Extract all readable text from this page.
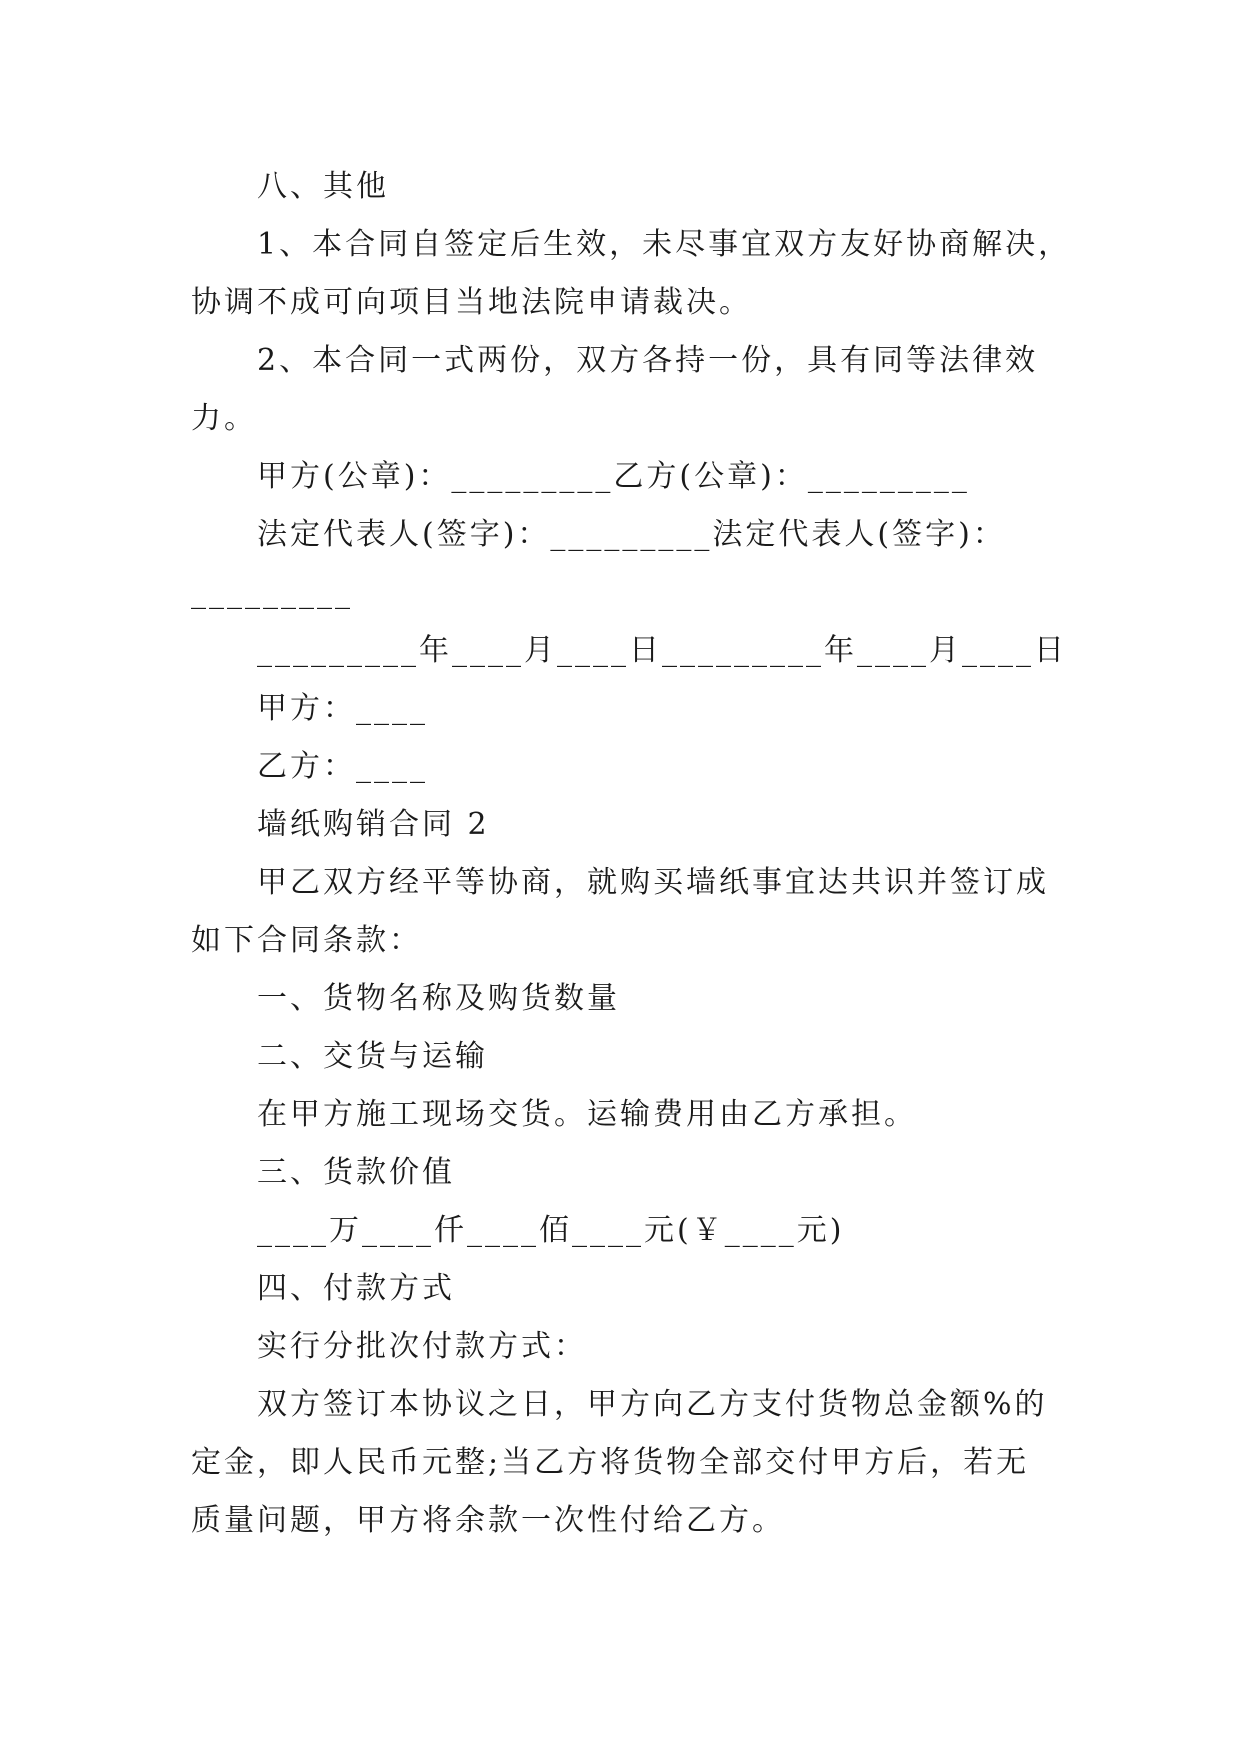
八、其他
1、本合同自签定后生效，未尽事宜双方友好协商解决，
协调不成可向项目当地法院申请裁决。
2、本合同一式两份，双方各持一份，具有同等法律效
力。
甲方(公章)：_________乙方(公章)：_________
法定代表人(签字)：_________法定代表人(签字)：
_________
_________年____月____日_________年____月____日
甲方：____
乙方：____
墙纸购销合同 2
甲乙双方经平等协商，就购买墙纸事宜达共识并签订成
如下合同条款：
一、货物名称及购货数量
二、交货与运输
在甲方施工现场交货。运输费用由乙方承担。
三、货款价值
____万____仟____佰____元(￥____元)
四、付款方式
实行分批次付款方式：
双方签订本协议之日，甲方向乙方支付货物总金额%的
定金，即人民币元整;当乙方将货物全部交付甲方后，若无
质量问题，甲方将余款一次性付给乙方。
